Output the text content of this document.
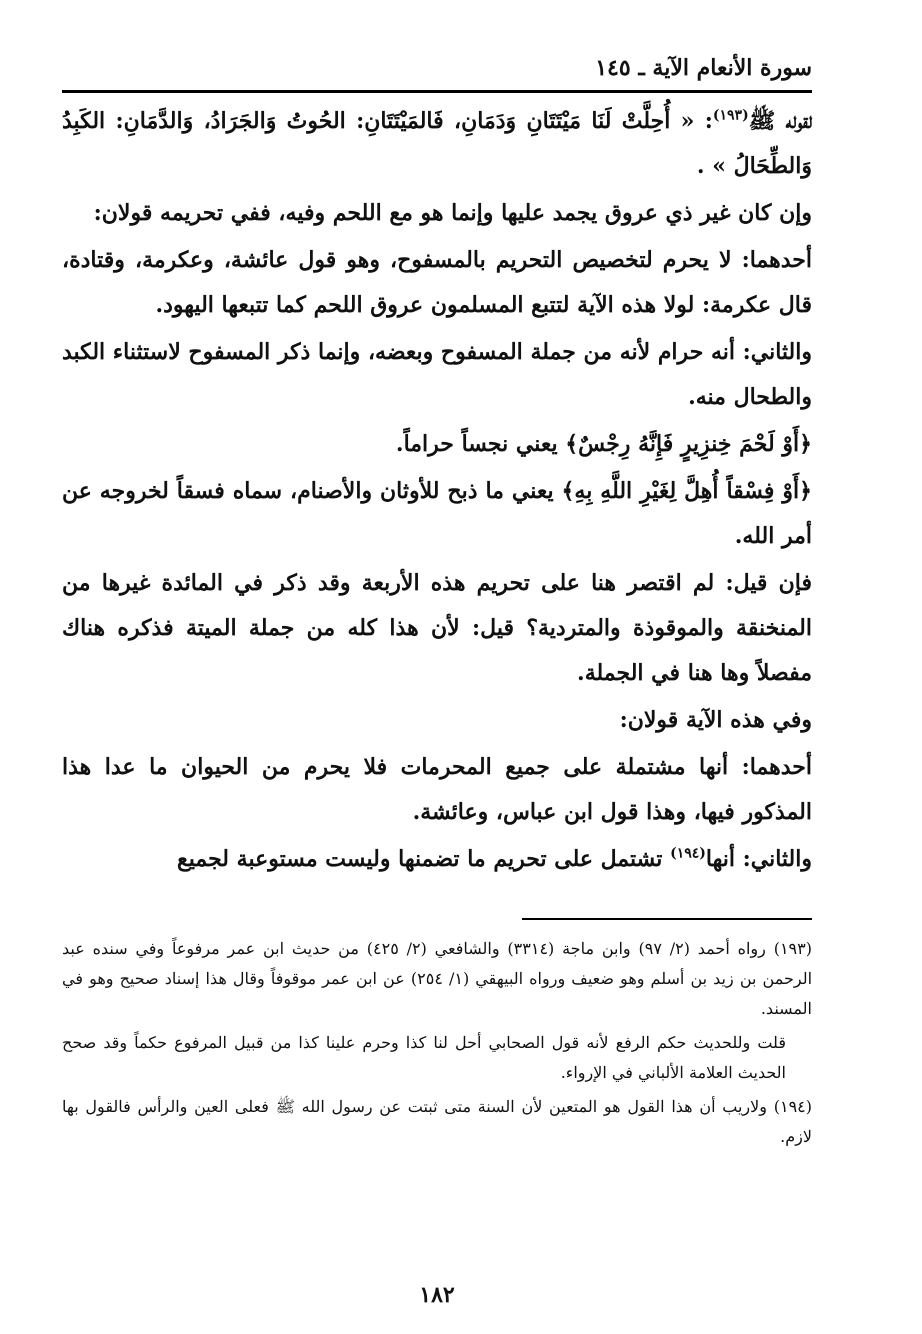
سورة الأنعام الآية ـ ١٤٥

لقوله ﷺ$^{(١٩٣)}$: « أُحِلَّتْ لَنَا مَيْتَتَانِ وَدَمَانِ، فَالمَيْتَتَانِ: الحُوتُ وَالجَرَادُ، وَالدَّمَانِ: الكَبِدُ وَالطِّحَالُ » .

وإن كان غير ذي عروق يجمد عليها وإنما هو مع اللحم وفيه، ففي تحريمه قولان:

أحدهما: لا يحرم لتخصيص التحريم بالمسفوح، وهو قول عائشة، وعكرمة، وقتادة، قال عكرمة: لولا هذه الآية لتتبع المسلمون عروق اللحم كما تتبعها اليهود.

والثاني: أنه حرام لأنه من جملة المسفوح وبعضه، وإنما ذكر المسفوح لاستثناء الكبد والطحال منه.

﴿أَوْ لَحْمَ خِنزِيرٍ فَإِنَّهُ رِجْسٌ﴾ يعني نجساً حراماً.

﴿أَوْ فِسْقاً أُهِلَّ لِغَيْرِ اللَّهِ بِهِ﴾ يعني ما ذبح للأوثان والأصنام، سماه فسقاً لخروجه عن أمر الله.

فإن قيل: لم اقتصر هنا على تحريم هذه الأربعة وقد ذكر في المائدة غيرها من المنخنقة والموقوذة والمتردية؟ قيل: لأن هذا كله من جملة الميتة فذكره هناك مفصلاً وها هنا في الجملة.

وفي هذه الآية قولان:

أحدهما: أنها مشتملة على جميع المحرمات فلا يحرم من الحيوان ما عدا هذا المذكور فيها، وهذا قول ابن عباس، وعائشة.

والثاني: أنها$^{(١٩٤)}$ تشتمل على تحريم ما تضمنها وليست مستوعبة لجميع

(١٩٣) رواه أحمد (٢/ ٩٧) وابن ماجة (٣٣١٤) والشافعي (٢/ ٤٢٥) من حديث ابن عمر مرفوعاً وفي سنده عبد الرحمن بن زيد بن أسلم وهو ضعيف ورواه البيهقي (١/ ٢٥٤) عن ابن عمر موقوفاً وقال هذا إسناد صحيح وهو في المسند.

قلت وللحديث حكم الرفع لأنه قول الصحابي أحل لنا كذا وحرم علينا كذا من قبيل المرفوع حكماً وقد صحح الحديث العلامة الألباني في الإرواء.

(١٩٤) ولاريب أن هذا القول هو المتعين لأن السنة متى ثبتت عن رسول الله ﷺ فعلى العين والرأس فالقول بها لازم.

١٨٢
